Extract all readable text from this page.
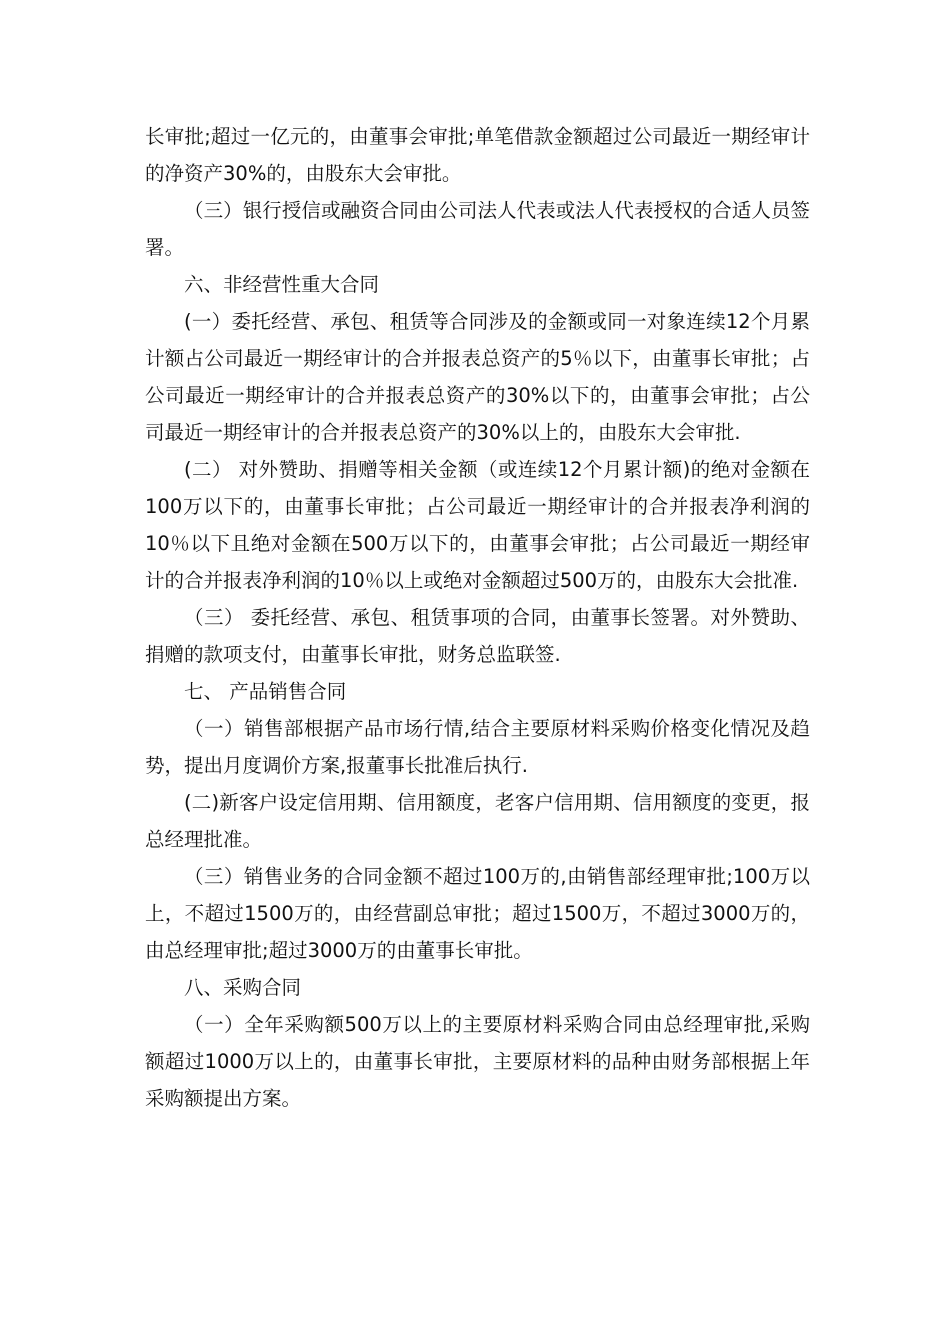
长审批;超过一亿元的，由董事会审批;单笔借款金额超过公司最近一期经审计的净资产30%的，由股东大会审批。

（三）银行授信或融资合同由公司法人代表或法人代表授权的合适人员签署。

六、非经营性重大合同

(一）委托经营、承包、租赁等合同涉及的金额或同一对象连续12个月累计额占公司最近一期经审计的合并报表总资产的5％以下，由董事长审批；占公司最近一期经审计的合并报表总资产的30%以下的，由董事会审批；占公司最近一期经审计的合并报表总资产的30%以上的，由股东大会审批.

(二） 对外赞助、捐赠等相关金额（或连续12个月累计额)的绝对金额在100万以下的，由董事长审批；占公司最近一期经审计的合并报表净利润的10％以下且绝对金额在500万以下的，由董事会审批；占公司最近一期经审计的合并报表净利润的10％以上或绝对金额超过500万的，由股东大会批准.

（三） 委托经营、承包、租赁事项的合同，由董事长签署。对外赞助、捐赠的款项支付，由董事长审批，财务总监联签.

七、 产品销售合同

（一）销售部根据产品市场行情,结合主要原材料采购价格变化情况及趋势，提出月度调价方案,报董事长批准后执行.

(二)新客户设定信用期、信用额度，老客户信用期、信用额度的变更，报总经理批准。

（三）销售业务的合同金额不超过100万的,由销售部经理审批;100万以上，不超过1500万的，由经营副总审批；超过1500万，不超过3000万的，由总经理审批;超过3000万的由董事长审批。

八、采购合同

（一）全年采购额500万以上的主要原材料采购合同由总经理审批,采购额超过1000万以上的，由董事长审批，主要原材料的品种由财务部根据上年采购额提出方案。
